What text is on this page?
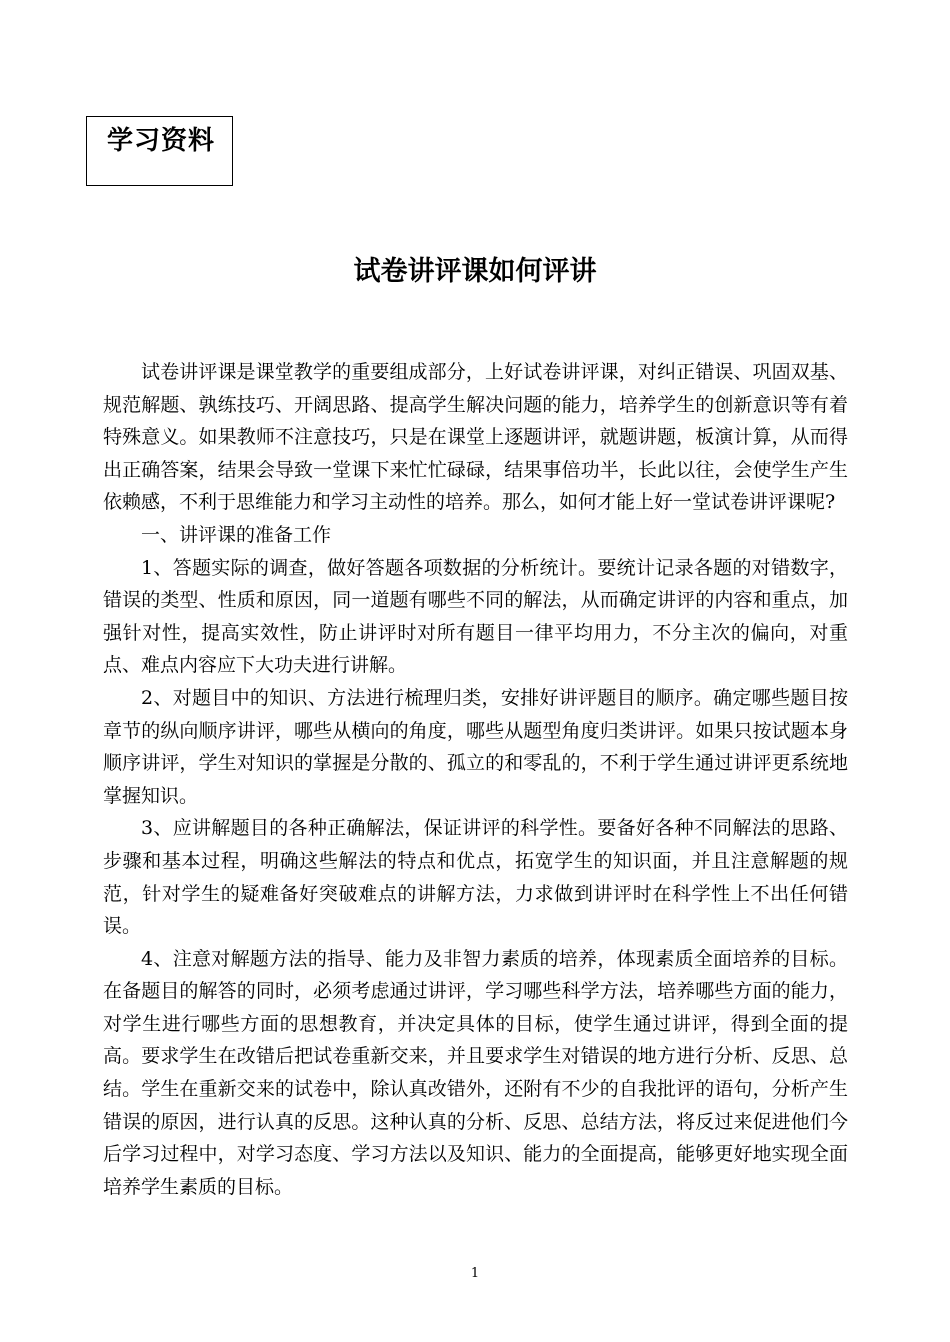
学习资料
试卷讲评课如何评讲

试卷讲评课是课堂教学的重要组成部分，上好试卷讲评课，对纠正错误、巩固双基、规范解题、孰练技巧、开阔思路、提高学生解决问题的能力，培养学生的创新意识等有着特殊意义。如果教师不注意技巧，只是在课堂上逐题讲评，就题讲题，板演计算，从而得出正确答案，结果会导致一堂课下来忙忙碌碌，结果事倍功半，长此以往，会使学生产生依赖感，不利于思维能力和学习主动性的培养。那么，如何才能上好一堂试卷讲评课呢?

一、讲评课的准备工作

1、答题实际的调查，做好答题各项数据的分析统计。要统计记录各题的对错数字，错误的类型、性质和原因，同一道题有哪些不同的解法，从而确定讲评的内容和重点，加强针对性，提高实效性，防止讲评时对所有题目一律平均用力，不分主次的偏向，对重点、难点内容应下大功夫进行讲解。

2、对题目中的知识、方法进行梳理归类，安排好讲评题目的顺序。确定哪些题目按章节的纵向顺序讲评，哪些从横向的角度，哪些从题型角度归类讲评。如果只按试题本身顺序讲评，学生对知识的掌握是分散的、孤立的和零乱的，不利于学生通过讲评更系统地掌握知识。

3、应讲解题目的各种正确解法，保证讲评的科学性。要备好各种不同解法的思路、步骤和基本过程，明确这些解法的特点和优点，拓宽学生的知识面，并且注意解题的规范，针对学生的疑难备好突破难点的讲解方法，力求做到讲评时在科学性上不出任何错误。

4、注意对解题方法的指导、能力及非智力素质的培养，体现素质全面培养的目标。在备题目的解答的同时，必须考虑通过讲评，学习哪些科学方法，培养哪些方面的能力，对学生进行哪些方面的思想教育，并决定具体的目标，使学生通过讲评，得到全面的提高。要求学生在改错后把试卷重新交来，并且要求学生对错误的地方进行分析、反思、总结。学生在重新交来的试卷中，除认真改错外，还附有不少的自我批评的语句，分析产生错误的原因，进行认真的反思。这种认真的分析、反思、总结方法，将反过来促进他们今后学习过程中，对学习态度、学习方法以及知识、能力的全面提高，能够更好地实现全面培养学生素质的目标。

1
